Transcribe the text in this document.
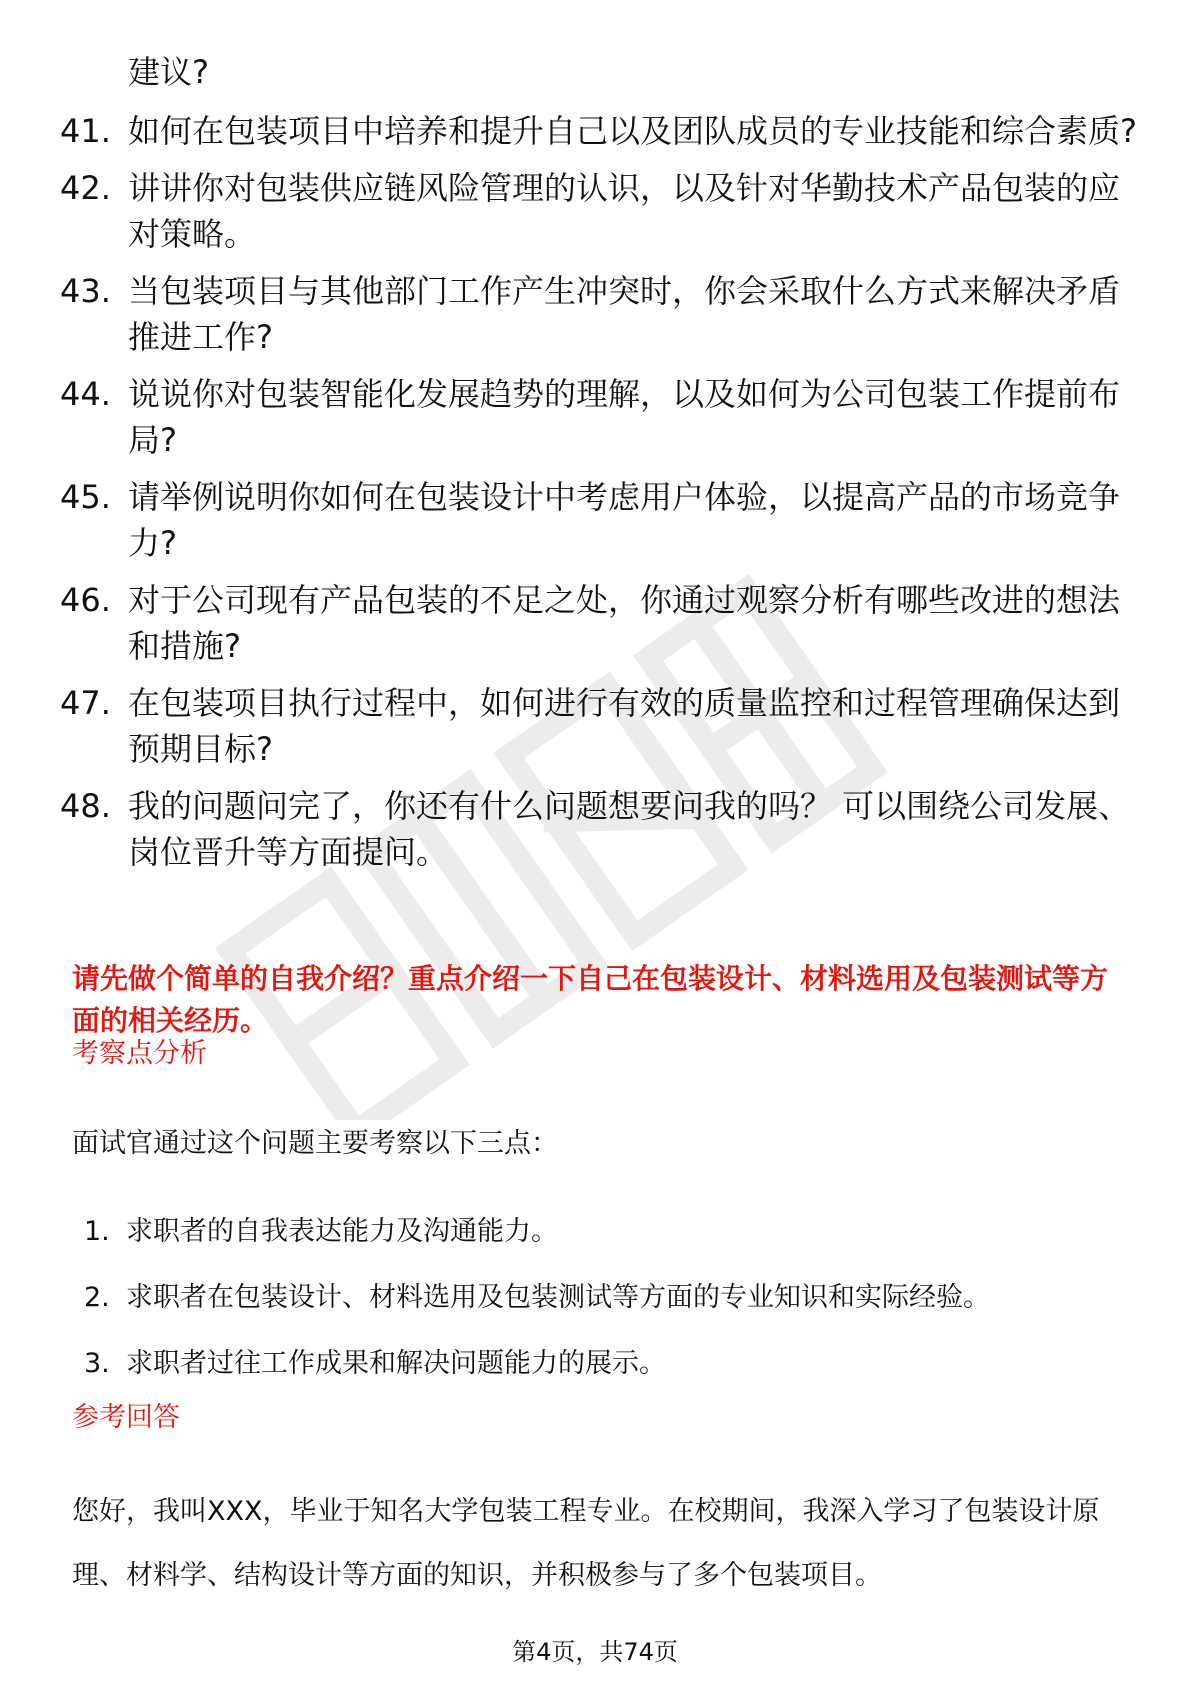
建议?
41. 如何在包装项目中培养和提升自己以及团队成员的专业技能和综合素质?
42. 讲讲你对包装供应链风险管理的认识，以及针对华勤技术产品包装的应对策略。
43. 当包装项目与其他部门工作产生冲突时，你会采取什么方式来解决矛盾推进工作?
44. 说说你对包装智能化发展趋势的理解，以及如何为公司包装工作提前布局?
45. 请举例说明你如何在包装设计中考虑用户体验，以提高产品的市场竞争力?
46. 对于公司现有产品包装的不足之处，你通过观察分析有哪些改进的想法和措施?
47. 在包装项目执行过程中，如何进行有效的质量监控和过程管理确保达到预期目标?
48. 我的问题问完了，你还有什么问题想要问我的吗？ 可以围绕公司发展、岗位晋升等方面提问。
请先做个简单的自我介绍？重点介绍一下自己在包装设计、材料选用及包装测试等方面的相关经历。
考察点分析
面试官通过这个问题主要考察以下三点：
1. 求职者的自我表达能力及沟通能力。
2. 求职者在包装设计、材料选用及包装测试等方面的专业知识和实际经验。
3. 求职者过往工作成果和解决问题能力的展示。
参考回答
您好，我叫XXX，毕业于知名大学包装工程专业。在校期间，我深入学习了包装设计原理、材料学、结构设计等方面的知识，并积极参与了多个包装项目。
第4页，共74页
